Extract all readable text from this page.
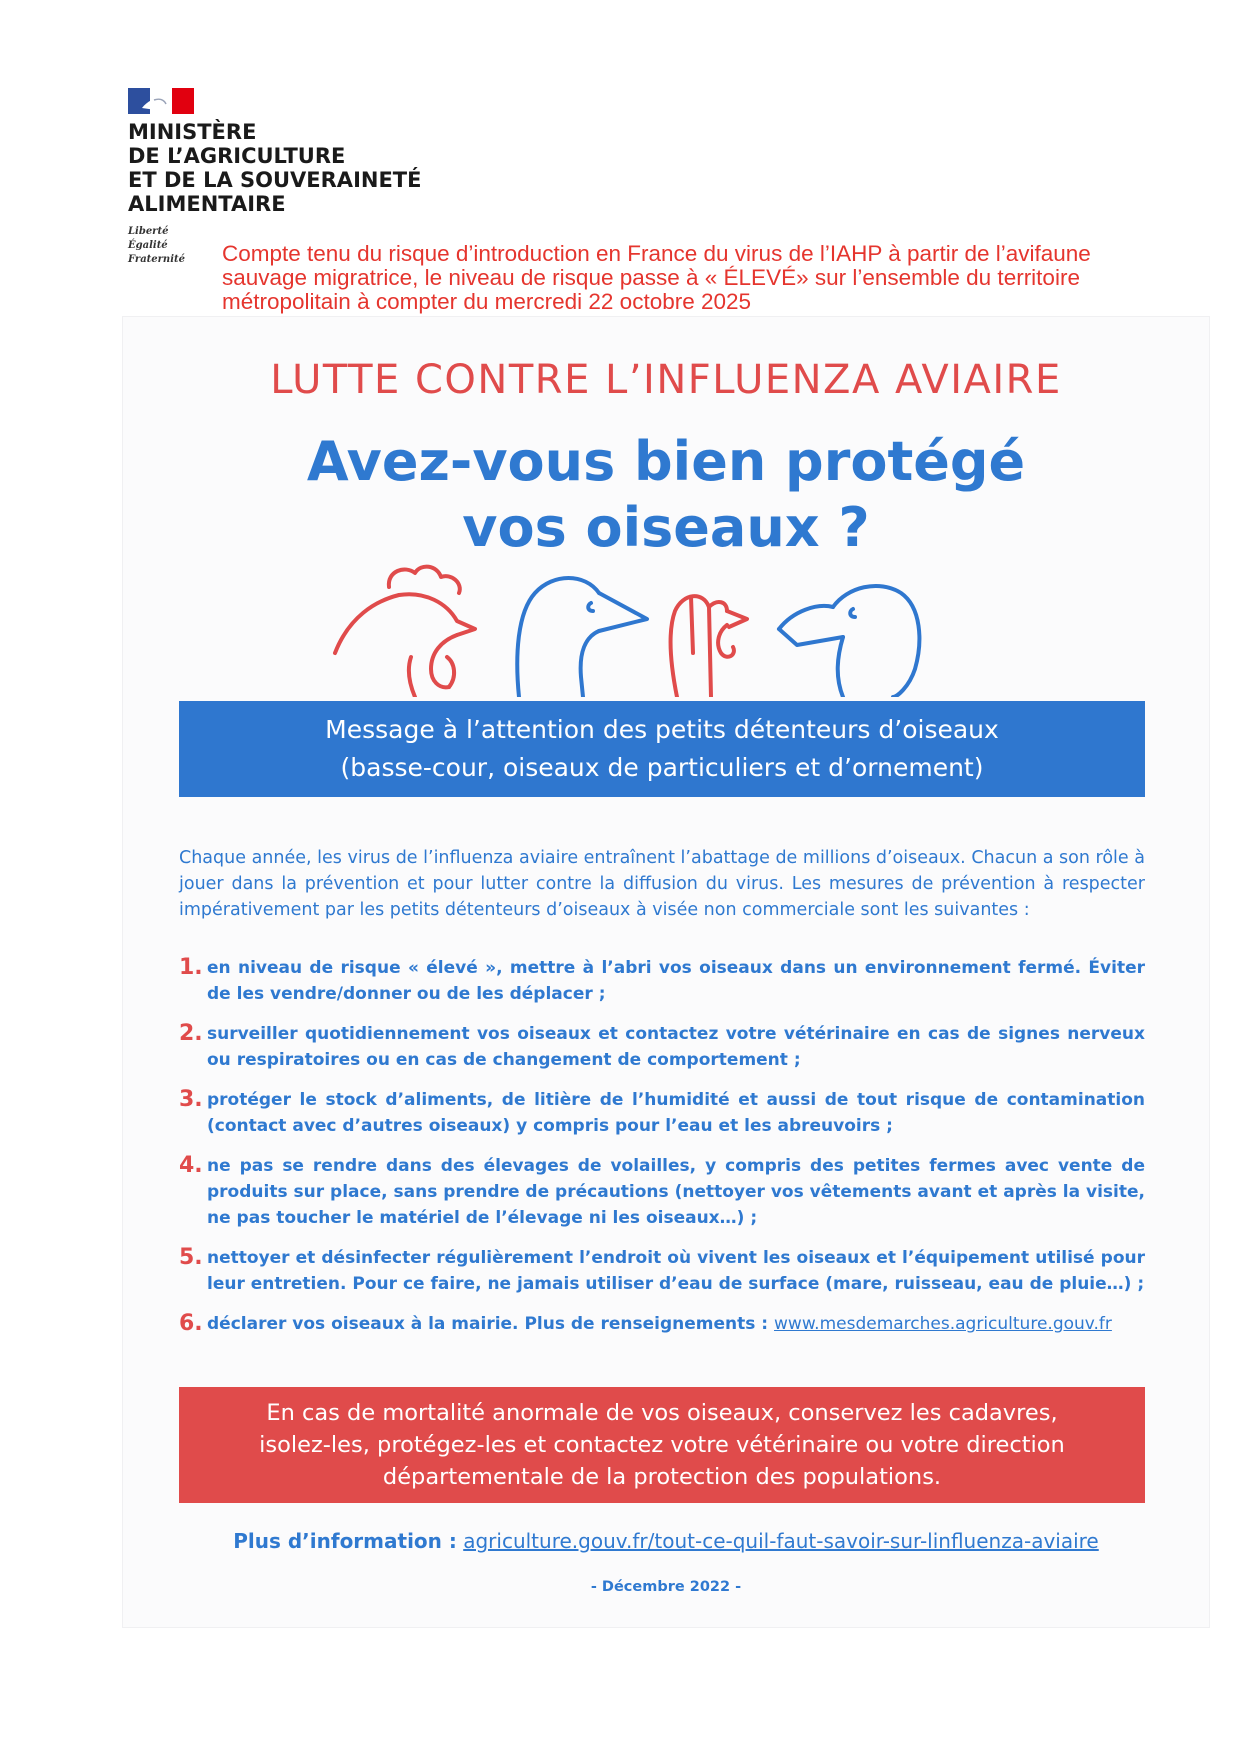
MINISTÈRE
DE L’AGRICULTURE
ET DE LA SOUVERAINETÉ
ALIMENTAIRE
Liberté
Égalité
Fraternité Compte tenu du risque d’introduction en France du virus de l’IAHP à partir de l’avifaune sauvage migratrice, le niveau de risque passe à « ÉLEVÉ» sur l’ensemble du territoire métropolitain à compter du mercredi 22 octobre 2025
LUTTE CONTRE L’INFLUENZA AVIAIRE
Avez-vous bien protégé
vos oiseaux ?
Message à l’attention des petits détenteurs d’oiseaux
(basse-cour, oiseaux de particuliers et d’ornement)
Chaque année, les virus de l’influenza aviaire entraînent l’abattage de millions d’oiseaux. Chacun a son rôle à jouer dans la prévention et pour lutter contre la diffusion du virus. Les mesures de prévention à respecter impérativement par les petits détenteurs d’oiseaux à visée non commerciale sont les suivantes :
1. en niveau de risque « élevé », mettre à l’abri vos oiseaux dans un environnement fermé. Éviter de les vendre/donner ou de les déplacer ;
2. surveiller quotidiennement vos oiseaux et contactez votre vétérinaire en cas de signes nerveux ou respiratoires ou en cas de changement de comportement ;
3. protéger le stock d’aliments, de litière de l’humidité et aussi de tout risque de contamination (contact avec d’autres oiseaux) y compris pour l’eau et les abreuvoirs ;
4. ne pas se rendre dans des élevages de volailles, y compris des petites fermes avec vente de produits sur place, sans prendre de précautions (nettoyer vos vêtements avant et après la visite, ne pas toucher le matériel de l’élevage ni les oiseaux…) ;
5. nettoyer et désinfecter régulièrement l’endroit où vivent les oiseaux et l’équipement utilisé pour leur entretien. Pour ce faire, ne jamais utiliser d’eau de surface (mare, ruisseau, eau de pluie…) ;
6. déclarer vos oiseaux à la mairie. Plus de renseignements : www.mesdemarches.agriculture.gouv.fr
En cas de mortalité anormale de vos oiseaux, conservez les cadavres,
isolez-les, protégez-les et contactez votre vétérinaire ou votre direction
départementale de la protection des populations.
Plus d’information : agriculture.gouv.fr/tout-ce-quil-faut-savoir-sur-linfluenza-aviaire
- Décembre 2022 -
